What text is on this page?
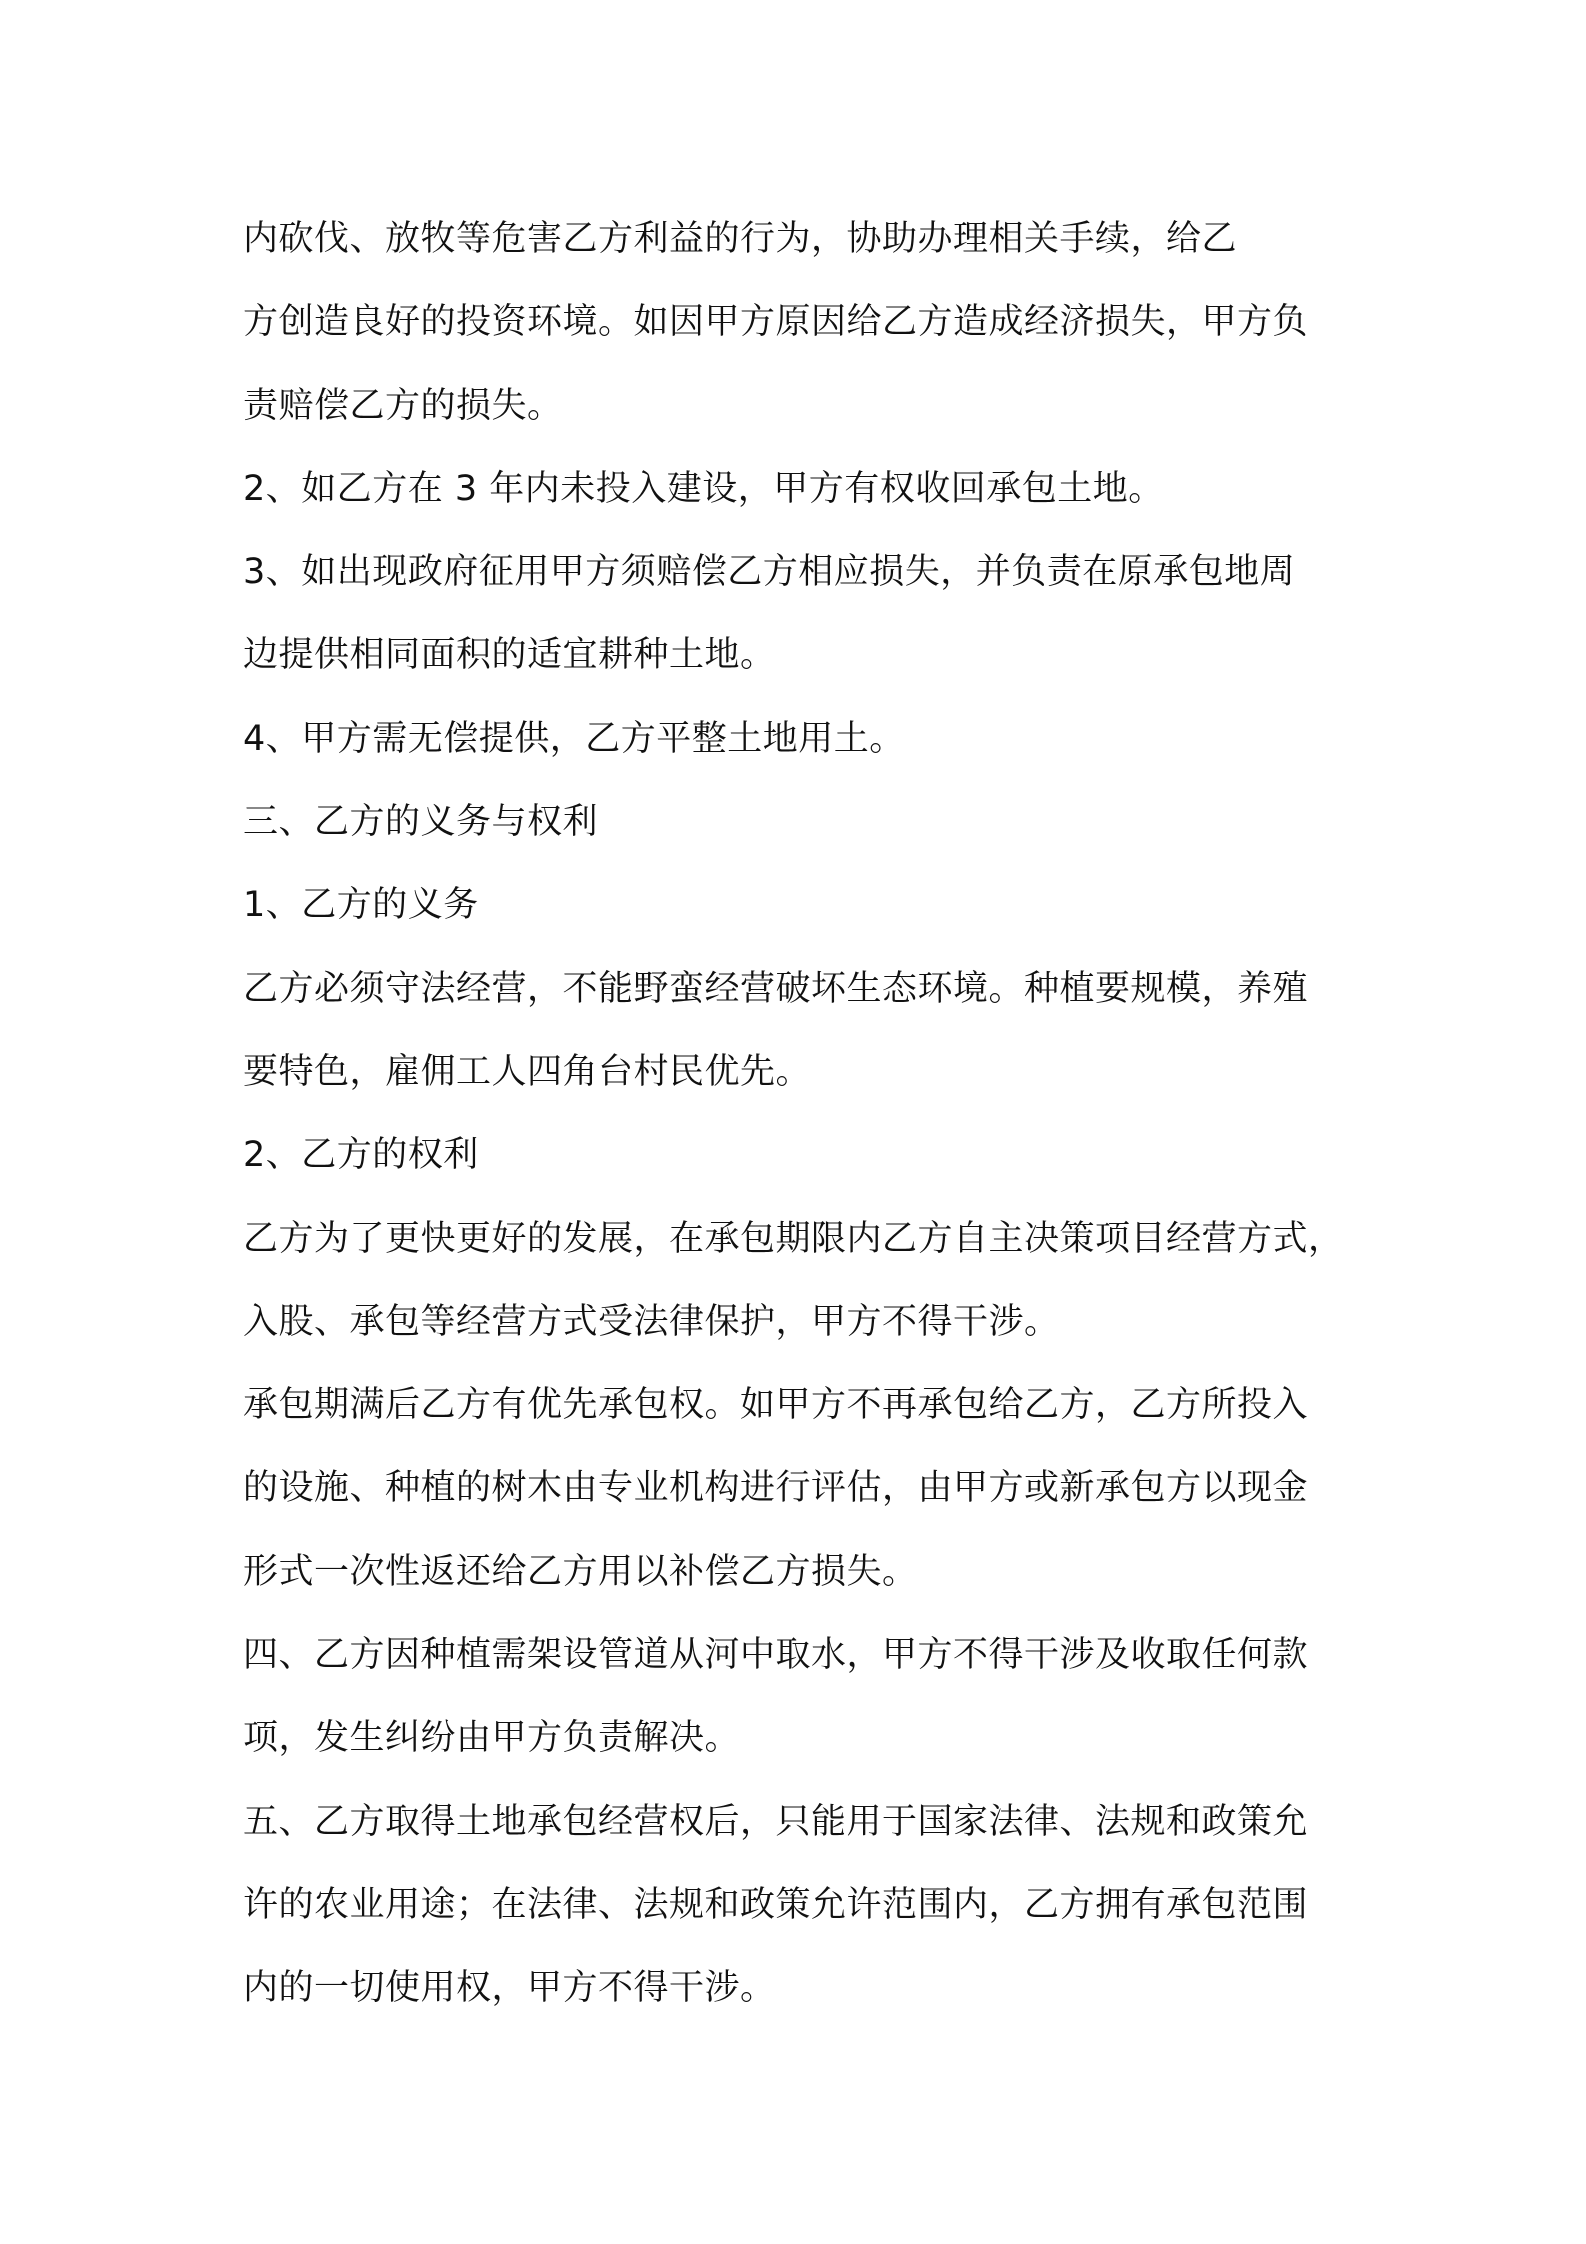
内砍伐、放牧等危害乙方利益的行为，协助办理相关手续，给乙
方创造良好的投资环境。如因甲方原因给乙方造成经济损失，甲方负
责赔偿乙方的损失。
2、如乙方在 3 年内未投入建设，甲方有权收回承包土地。
3、如出现政府征用甲方须赔偿乙方相应损失，并负责在原承包地周
边提供相同面积的适宜耕种土地。
4、甲方需无偿提供，乙方平整土地用土。
三、乙方的义务与权利
1、乙方的义务
乙方必须守法经营，不能野蛮经营破坏生态环境。种植要规模，养殖
要特色，雇佣工人四角台村民优先。
2、乙方的权利
乙方为了更快更好的发展，在承包期限内乙方自主决策项目经营方式，
入股、承包等经营方式受法律保护，甲方不得干涉。
承包期满后乙方有优先承包权。如甲方不再承包给乙方，乙方所投入
的设施、种植的树木由专业机构进行评估，由甲方或新承包方以现金
形式一次性返还给乙方用以补偿乙方损失。
四、乙方因种植需架设管道从河中取水，甲方不得干涉及收取任何款
项，发生纠纷由甲方负责解决。
五、乙方取得土地承包经营权后，只能用于国家法律、法规和政策允
许的农业用途；在法律、法规和政策允许范围内，乙方拥有承包范围
内的一切使用权，甲方不得干涉。
